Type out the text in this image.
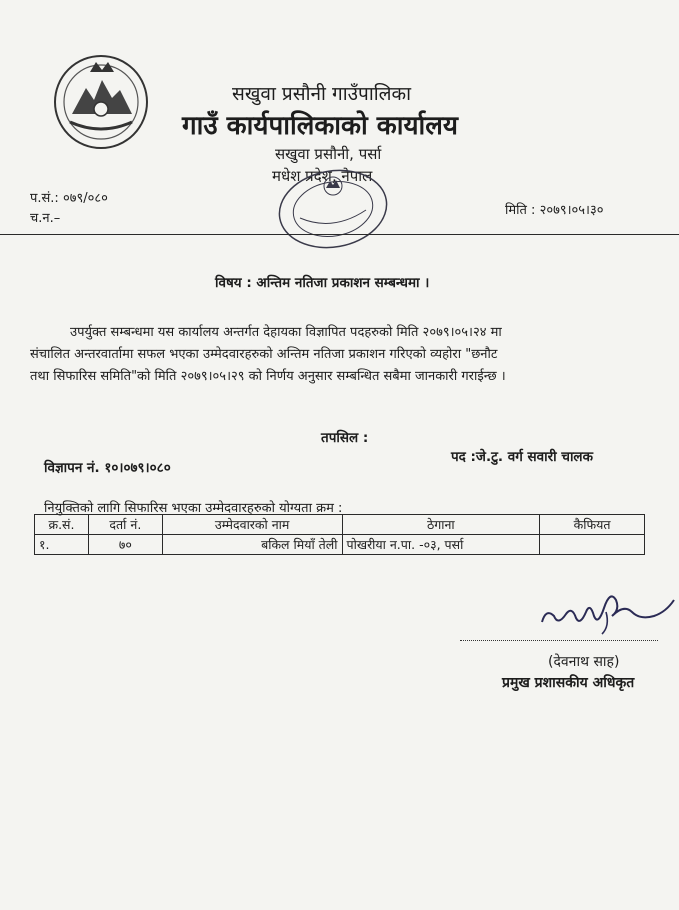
सखुवा प्रसौनी गाउँपालिका
गाउँ कार्यपालिकाको कार्यालय
सखुवा प्रसौनी, पर्सा
मधेश प्रदेश, नेपाल
प.सं.: ०७९/०८०
च.न.–
मिति : २०७९।०५।३०
विषय : अन्तिम नतिजा प्रकाशन सम्बन्धमा ।
उपर्युक्त सम्बन्धमा यस कार्यालय अन्तर्गत देहायका विज्ञापित पदहरुको मिति २०७९।०५।२४ मा
संचालित अन्तरवार्तामा सफल भएका उम्मेदवारहरुको अन्तिम नतिजा प्रकाशन गरिएको व्यहोरा "छनौट
तथा सिफारिस समिति"को मिति २०७९।०५।२९ को निर्णय अनुसार सम्बन्धित सबैमा जानकारी गराईन्छ ।
तपसिल :
पद :जे.टु. वर्ग सवारी चालक
विज्ञापन नं. १०।०७९।०८०
नियुक्तिको लागि सिफारिस भएका उम्मेदवारहरुको योग्यता क्रम :
क्र.सं.	दर्ता नं.	उम्मेदवारको नाम	ठेगाना	कैफियत
१.	७०	बकिल मियाँ तेली	पोखरीया न.पा. -०३, पर्सा	
(देवनाथ साह)
प्रमुख प्रशासकीय अधिकृत
